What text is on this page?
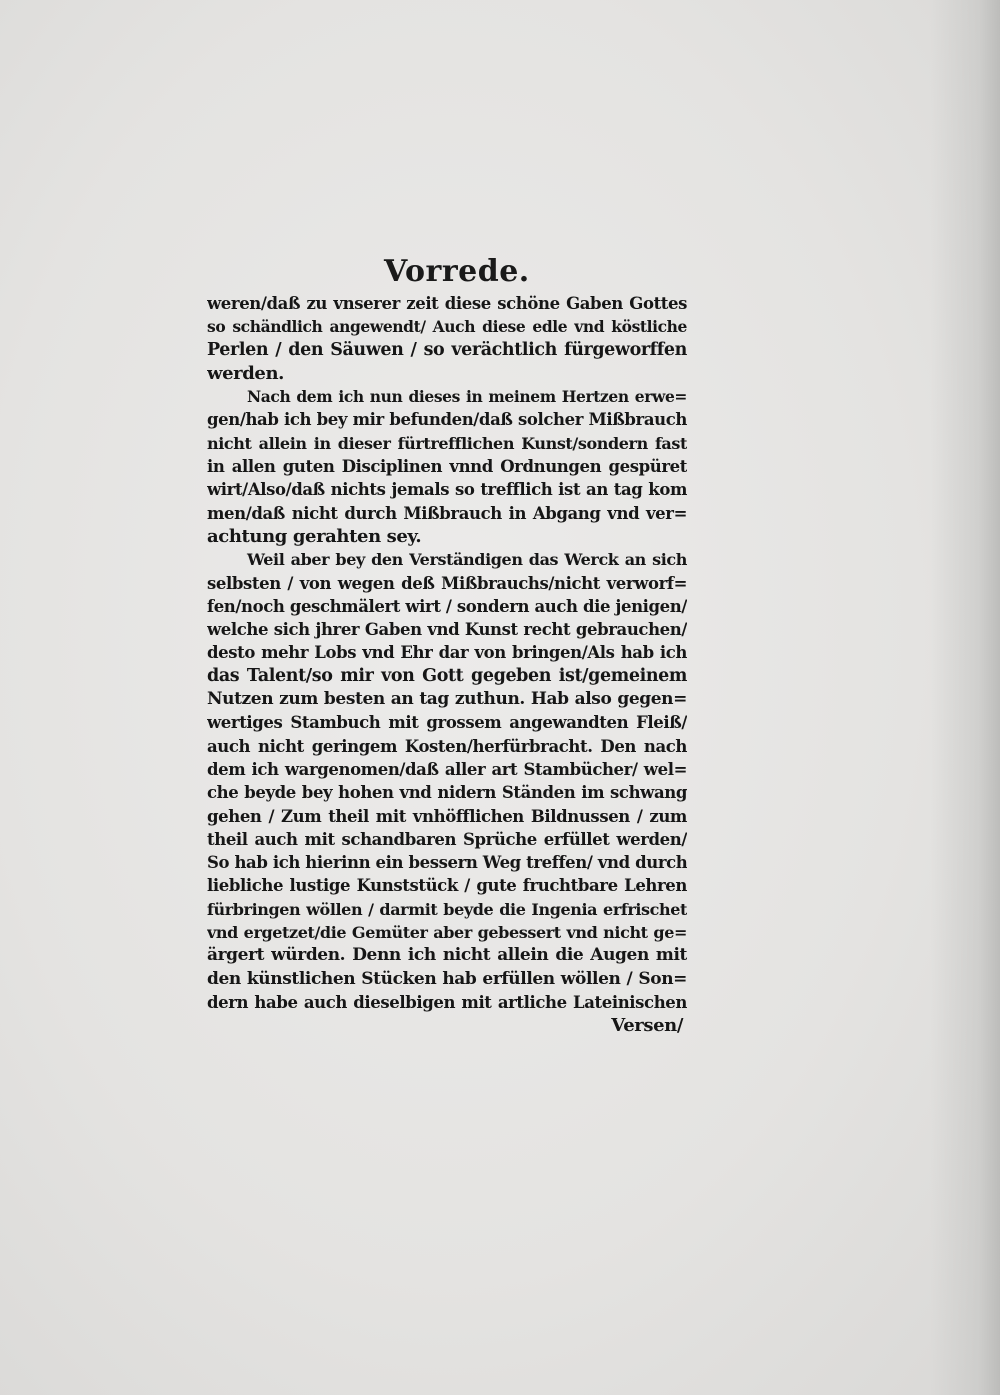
Vorrede.
weren/daß zu vnserer zeit diese schöne Gaben Gottes
so schändlich angewendt/ Auch diese edle vnd köstliche
Perlen / den Säuwen / so verächtlich fürgeworffen
werden.
Nach dem ich nun dieses in meinem Hertzen erwe=
gen/hab ich bey mir befunden/daß solcher Mißbrauch
nicht allein in dieser fürtrefflichen Kunst/sondern fast
in allen guten Disciplinen vnnd Ordnungen gespüret
wirt/Also/daß nichts jemals so trefflich ist an tag kom
men/daß nicht durch Mißbrauch in Abgang vnd ver=
achtung gerahten sey.
Weil aber bey den Verständigen das Werck an sich
selbsten / von wegen deß Mißbrauchs/nicht verworf=
fen/noch geschmälert wirt / sondern auch die jenigen/
welche sich jhrer Gaben vnd Kunst recht gebrauchen/
desto mehr Lobs vnd Ehr dar von bringen/Als hab ich
das Talent/so mir von Gott gegeben ist/gemeinem
Nutzen zum besten an tag zuthun. Hab also gegen=
wertiges Stambuch mit grossem angewandten Fleiß/
auch nicht geringem Kosten/herfürbracht. Den nach
dem ich wargenomen/daß aller art Stambücher/ wel=
che beyde bey hohen vnd nidern Ständen im schwang
gehen / Zum theil mit vnhöfflichen Bildnussen / zum
theil auch mit schandbaren Sprüche erfüllet werden/
So hab ich hierinn ein bessern Weg treffen/ vnd durch
liebliche lustige Kunststück / gute fruchtbare Lehren
fürbringen wöllen / darmit beyde die Ingenia erfrischet
vnd ergetzet/die Gemüter aber gebessert vnd nicht ge=
ärgert würden. Denn ich nicht allein die Augen mit
den künstlichen Stücken hab erfüllen wöllen / Son=
dern habe auch dieselbigen mit artliche Lateinischen
Versen/
